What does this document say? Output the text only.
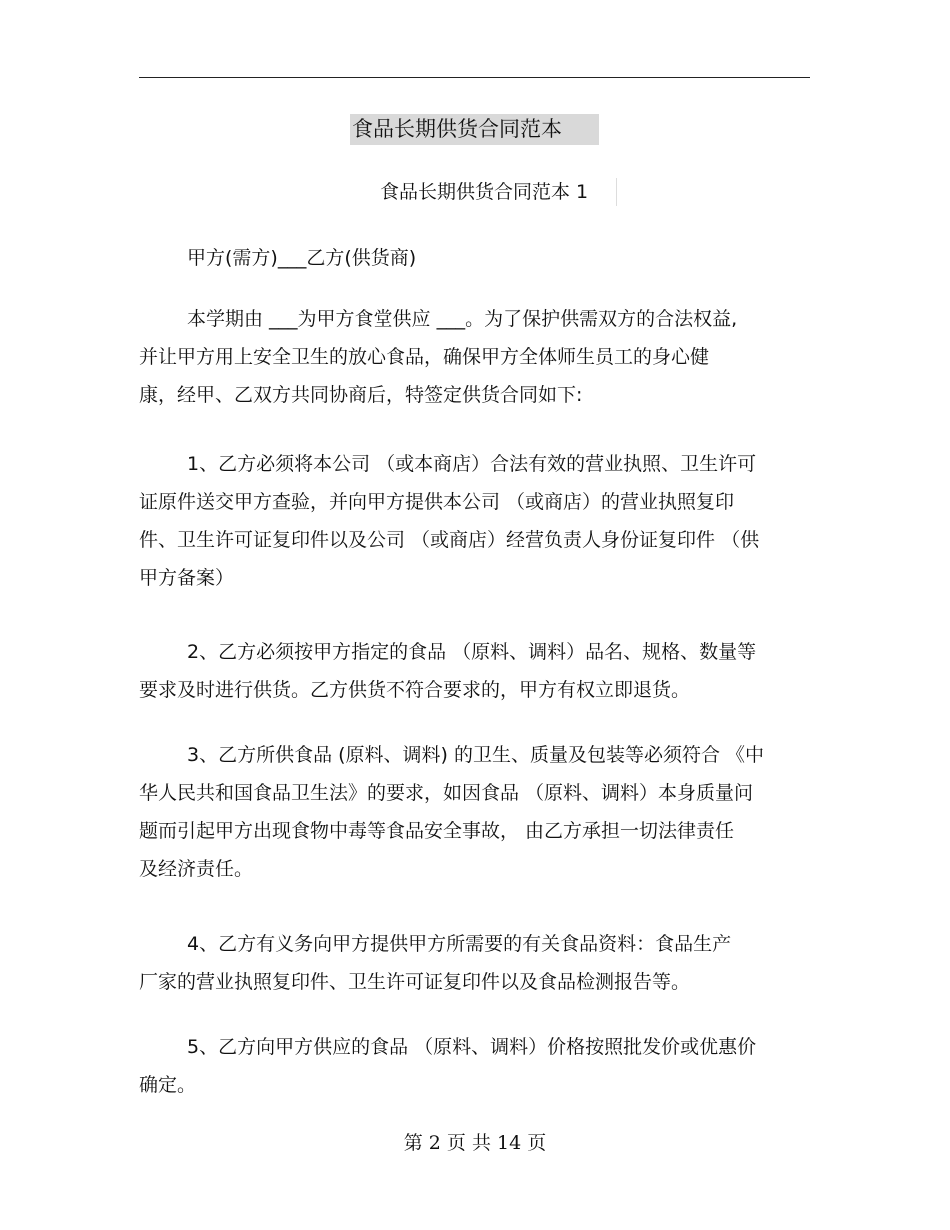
食品长期供货合同范本
食品长期供货合同范本 1

甲方(需方)___乙方(供货商)

本学期由 ___为甲方食堂供应 ___。为了保护供需双方的合法权益,

并让甲方用上安全卫生的放心食品，确保甲方全体师生员工的身心健

康，经甲、乙双方共同协商后，特签定供货合同如下:

1、乙方必须将本公司 （或本商店）合法有效的营业执照、卫生许可

证原件送交甲方查验，并向甲方提供本公司 （或商店）的营业执照复印

件、卫生许可证复印件以及公司 （或商店）经营负责人身份证复印件 （供

甲方备案）

2、乙方必须按甲方指定的食品 （原料、调料）品名、规格、数量等

要求及时进行供货。乙方供货不符合要求的，甲方有权立即退货。

3、乙方所供食品 (原料、调料) 的卫生、质量及包装等必须符合 《中

华人民共和国食品卫生法》的要求，如因食品 （原料、调料）本身质量问

题而引起甲方出现食物中毒等食品安全事故， 由乙方承担一切法律责任

及经济责任。

4、乙方有义务向甲方提供甲方所需要的有关食品资料：食品生产

厂家的营业执照复印件、卫生许可证复印件以及食品检测报告等。

5、乙方向甲方供应的食品 （原料、调料）价格按照批发价或优惠价

确定。

第 2 页 共 14 页
